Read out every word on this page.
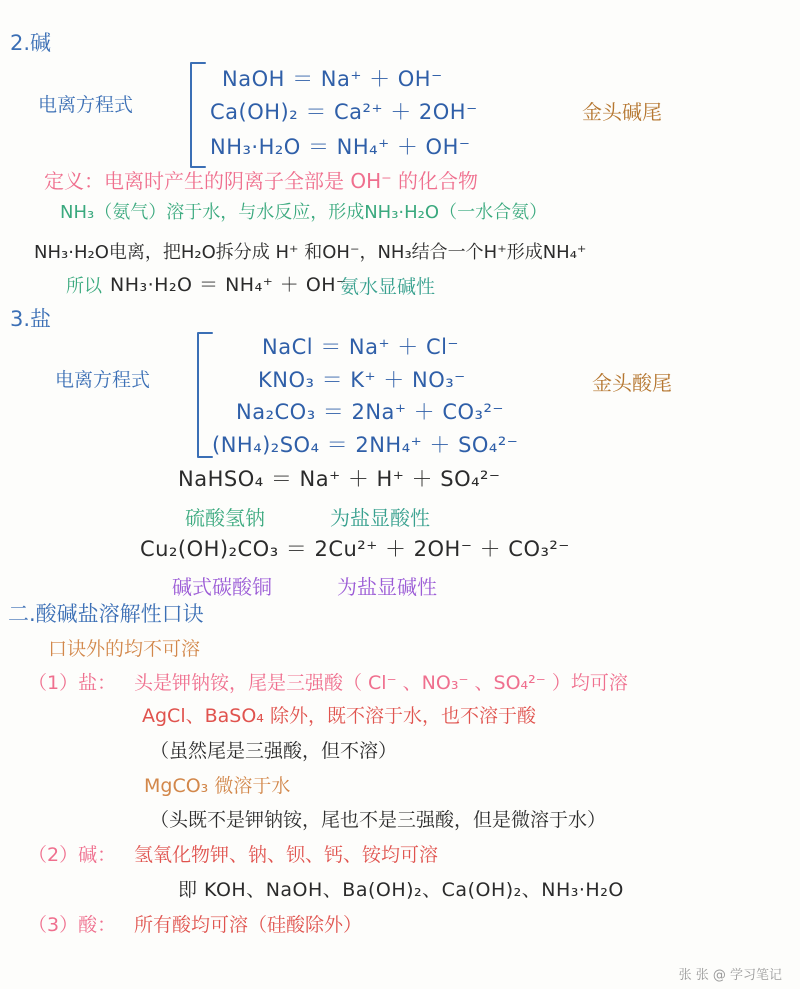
2.碱
电离方程式
NaOH ＝ Na⁺ ＋ OH⁻
Ca(OH)₂ ＝ Ca²⁺ ＋ 2OH⁻
NH₃·H₂O ＝ NH₄⁺ ＋ OH⁻
金头碱尾
定义：电离时产生的阴离子全部是 OH⁻ 的化合物
NH₃（氨气）溶于水，与水反应，形成NH₃·H₂O（一水合氨）
NH₃·H₂O电离，把H₂O拆分成 H⁺ 和OH⁻，NH₃结合一个H⁺形成NH₄⁺
所以 NH₃·H₂O ＝ NH₄⁺ ＋ OH⁻
氨水显碱性
3.盐
电离方程式
NaCl ＝ Na⁺ ＋ Cl⁻
KNO₃ ＝ K⁺ ＋ NO₃⁻
Na₂CO₃ ＝ 2Na⁺ ＋ CO₃²⁻
(NH₄)₂SO₄ ＝ 2NH₄⁺ ＋ SO₄²⁻
金头酸尾
NaHSO₄ ＝ Na⁺ ＋ H⁺ ＋ SO₄²⁻
硫酸氢钠	为盐显酸性
Cu₂(OH)₂CO₃ ＝ 2Cu²⁺ ＋ 2OH⁻ ＋ CO₃²⁻
碱式碳酸铜	为盐显碱性
二.酸碱盐溶解性口诀
口诀外的均不可溶
（1）盐： 头是钾钠铵，尾是三强酸（ Cl⁻ 、NO₃⁻ 、SO₄²⁻ ）均可溶
AgCl、BaSO₄ 除外，既不溶于水，也不溶于酸
（虽然尾是三强酸，但不溶）
MgCO₃ 微溶于水
（头既不是钾钠铵，尾也不是三强酸，但是微溶于水）
（2）碱： 氢氧化物钾、钠、钡、钙、铵均可溶
即 KOH、NaOH、Ba(OH)₂、Ca(OH)₂、NH₃·H₂O
（3）酸： 所有酸均可溶（硅酸除外）
张 张 @ 学习笔记
